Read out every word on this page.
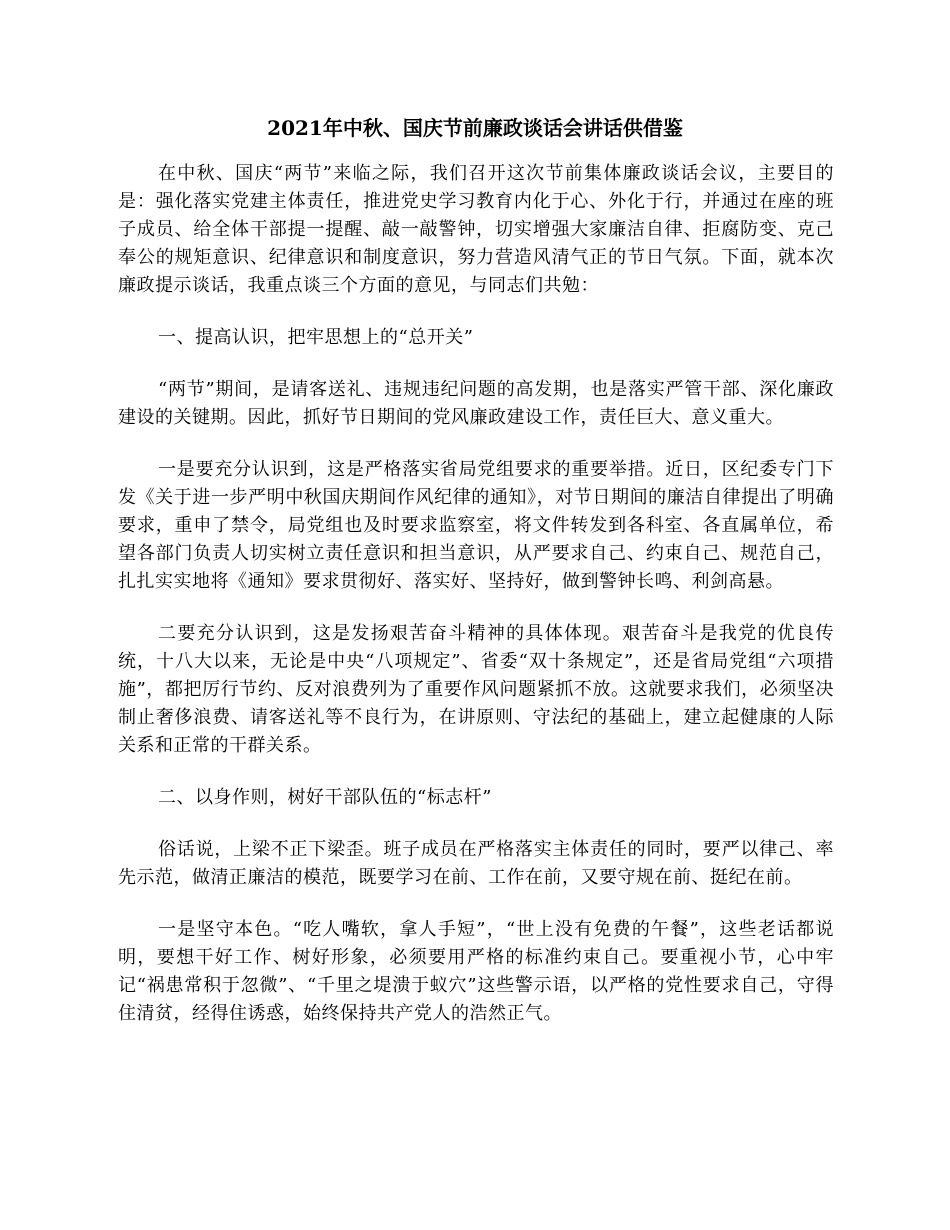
2021年中秋、国庆节前廉政谈话会讲话供借鉴

在中秋、国庆“两节”来临之际，我们召开这次节前集体廉政谈话会议，主要目的是：强化落实党建主体责任，推进党史学习教育内化于心、外化于行，并通过在座的班子成员、给全体干部提一提醒、敲一敲警钟，切实增强大家廉洁自律、拒腐防变、克己奉公的规矩意识、纪律意识和制度意识，努力营造风清气正的节日气氛。下面，就本次廉政提示谈话，我重点谈三个方面的意见，与同志们共勉：

一、提高认识，把牢思想上的“总开关”

“两节”期间，是请客送礼、违规违纪问题的高发期，也是落实严管干部、深化廉政建设的关键期。因此，抓好节日期间的党风廉政建设工作，责任巨大、意义重大。

一是要充分认识到，这是严格落实省局党组要求的重要举措。近日，区纪委专门下发《关于进一步严明中秋国庆期间作风纪律的通知》，对节日期间的廉洁自律提出了明确要求，重申了禁令，局党组也及时要求监察室，将文件转发到各科室、各直属单位，希望各部门负责人切实树立责任意识和担当意识，从严要求自己、约束自己、规范自己，扎扎实实地将《通知》要求贯彻好、落实好、坚持好，做到警钟长鸣、利剑高悬。

二要充分认识到，这是发扬艰苦奋斗精神的具体体现。艰苦奋斗是我党的优良传统，十八大以来，无论是中央“八项规定”、省委“双十条规定”，还是省局党组“六项措施”，都把厉行节约、反对浪费列为了重要作风问题紧抓不放。这就要求我们，必须坚决制止奢侈浪费、请客送礼等不良行为，在讲原则、守法纪的基础上，建立起健康的人际关系和正常的干群关系。

二、以身作则，树好干部队伍的“标志杆”

俗话说，上梁不正下梁歪。班子成员在严格落实主体责任的同时，要严以律己、率先示范，做清正廉洁的模范，既要学习在前、工作在前，又要守规在前、挺纪在前。

一是坚守本色。“吃人嘴软，拿人手短”，“世上没有免费的午餐”，这些老话都说明，要想干好工作、树好形象，必须要用严格的标准约束自己。要重视小节，心中牢记“祸患常积于忽微”、“千里之堤溃于蚁穴”这些警示语，以严格的党性要求自己，守得住清贫，经得住诱惑，始终保持共产党人的浩然正气。
